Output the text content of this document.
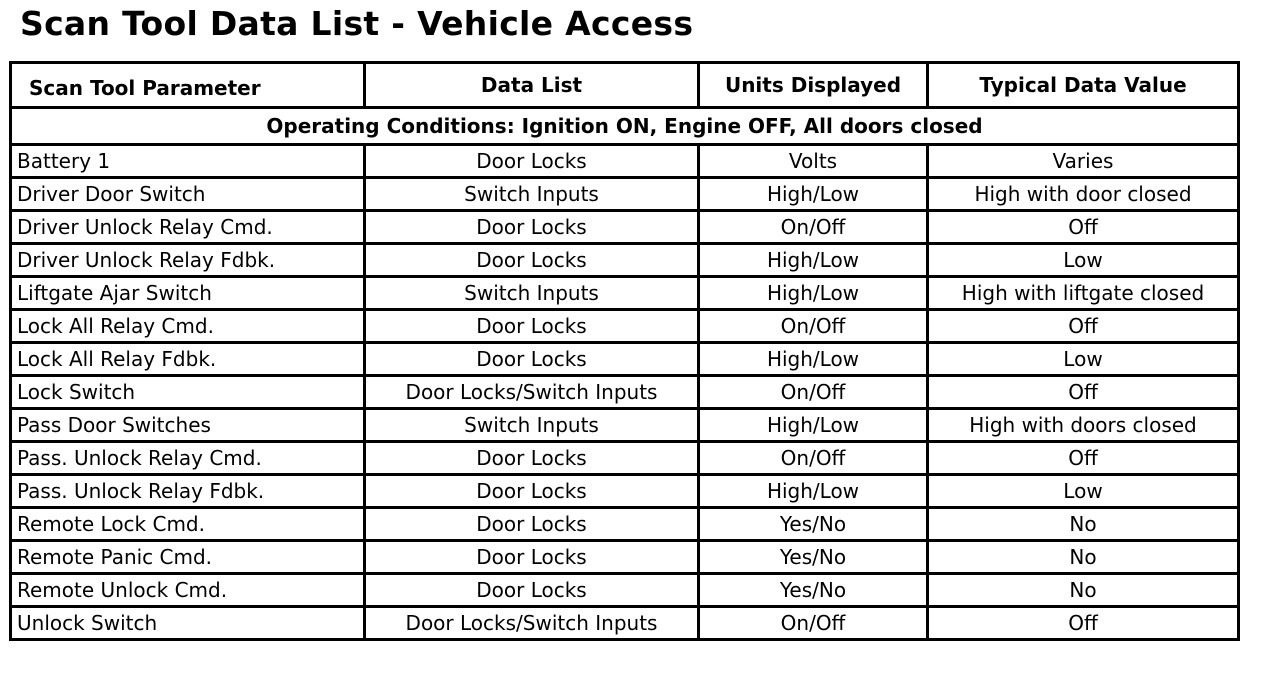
Scan Tool Data List - Vehicle Access
Scan Tool Parameter	Data List	Units Displayed	Typical Data Value
Operating Conditions: Ignition ON, Engine OFF, All doors closed			
Battery 1	Door Locks	Volts	Varies
Driver Door Switch	Switch Inputs	High/Low	High with door closed
Driver Unlock Relay Cmd.	Door Locks	On/Off	Off
Driver Unlock Relay Fdbk.	Door Locks	High/Low	Low
Liftgate Ajar Switch	Switch Inputs	High/Low	High with liftgate closed
Lock All Relay Cmd.	Door Locks	On/Off	Off
Lock All Relay Fdbk.	Door Locks	High/Low	Low
Lock Switch	Door Locks/Switch Inputs	On/Off	Off
Pass Door Switches	Switch Inputs	High/Low	High with doors closed
Pass. Unlock Relay Cmd.	Door Locks	On/Off	Off
Pass. Unlock Relay Fdbk.	Door Locks	High/Low	Low
Remote Lock Cmd.	Door Locks	Yes/No	No
Remote Panic Cmd.	Door Locks	Yes/No	No
Remote Unlock Cmd.	Door Locks	Yes/No	No
Unlock Switch	Door Locks/Switch Inputs	On/Off	Off
